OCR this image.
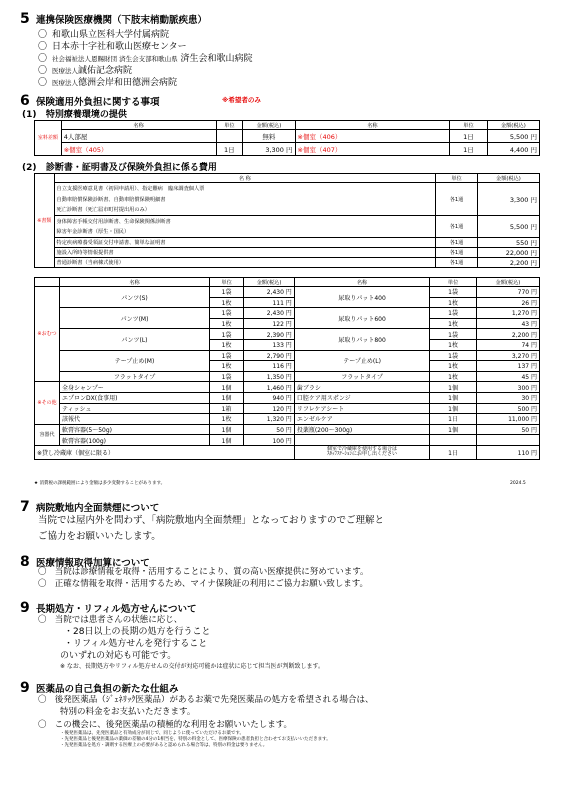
5 連携保険医療機関（下肢末梢動脈疾患）
〇 和歌山県立医科大学付属病院
〇 日本赤十字社和歌山医療センター
〇 社会福祉法人恩賜財団 済生会支部和歌山県 済生会和歌山病院
〇 医療法人誠佑記念病院
〇 医療法人德洲会岸和田德洲会病院
6 保険適用外負担に関する事項	※希望者のみ
(1) 特別療養環境の提供
室料差額	名称	単位	金額(税込)	名称	単位	金額(税込)
	4人部屋		無料	※個室（406）	1日	5,500 円
	※個室（405）	1日	3,300 円	※個室（407）	1日	4,400 円
(2) 診断書・証明書及び保険外負担に係る費用
※書類	名 称	単位	金額(税込)
	自立支援医療意見書（初回申請用）、指定難病　臨床調査個人票	各1通	3,300 円
	自動車賠償保険診断書、自動車賠償保険明細書		
	死亡診断書（死亡届市町村提出用のみ）		
	身体障害手帳交付用診断書、生命保険関係診断書	各1通	5,500 円
	障害年金診断書（厚生・国民）		
	特定疾病療養受領証交付申請書、簡単な証明書	各1通	550 円
	施設入所時等情報提供書	各1通	22,000 円
	普通診断書（当病棟式使用）	各1通	2,200 円
	名称	単位	金額(税込)	名称	単位	金額(税込)
※おむつ	パンツ(S)	1袋	2,430 円	尿取りパット400	1袋	770 円
		1枚	111 円		1枚	26 円
	パンツ(M)	1袋	2,430 円	尿取りパット600	1袋	1,270 円
		1枚	122 円		1枚	43 円
	パンツ(L)	1袋	2,390 円	尿取りパット800	1袋	2,200 円
		1枚	133 円		1枚	74 円
	テープ止め(M)	1袋	2,790 円	テープ止め(L)	1袋	3,270 円
		1枚	116 円		1枚	137 円
	フラットタイプ	1袋	1,350 円	フラットタイプ	1枚	45 円
※その他	全身シャンプー	1個	1,460 円	歯ブラシ	1個	300 円
	エプロンDX(食事用)	1個	940 円	口腔ケア用スポンジ	1個	30 円
	ティッシュ	1箱	120 円	リフレケアシート	1個	500 円
	該報代	1枚	1,320 円	エンゼルケア	1日	11,000 円
容器代	軟膏容器(5～50g)	1個	50 円	投薬瓶(200～300g)	1個	50 円
	軟膏容器(100g)	1個	100 円			
※貸し冷蔵庫（個室に限る）				個室で冷蔵庫を使用する場合は
ｽﾀｯﾌｽﾃｰｼｮﾝにお申し出ください	1日	110 円
★ 消費税の課税範囲により金額は多少変動することがあります。	2024.5
7 病院敷地内全面禁煙について
当院では屋内外を問わず、「病院敷地内全面禁煙」となっておりますのでご理解と
ご協力をお願いいたします。
8 医療情報取得加算について
〇 当院は診療情報を取得・活用することにより、質の高い医療提供に努めています。
〇 正確な情報を取得・活用するため、マイナ保険証の利用にご協力お願い致します。
9 長期処方・リフィル処方せんについて
〇 当院では患者さんの状態に応じ、
・28日以上の長期の処方を行うこと
・リフィル処方せんを発行すること
のいずれの対応も可能です。
※ なお、長期処方やリフィル処方せんの交付が対応可能かは症状に応じて担当医が判断致します。
9 医薬品の自己負担の新たな仕組み
〇 後発医薬品（ｼﾞｪﾈﾘｯｸ医薬品）があるお薬で先発医薬品の処方を希望される場合は、
特別の料金をお支払いただきます。
〇 この機会に、後発医薬品の積極的な利用をお願いいたします。
・後発医薬品は、先発医薬品と有効成分が同じで、同じように使っていただけるお薬です。
・先発医薬品と後発医薬品の薬価の差額の4分の1相当を、特別の料金として、医療保険の患者負担と合わせてお支払いいただきます。
・先発医薬品を処方・調剤する医療上の必要があると認められる場合等は、特別の料金は要りません。
